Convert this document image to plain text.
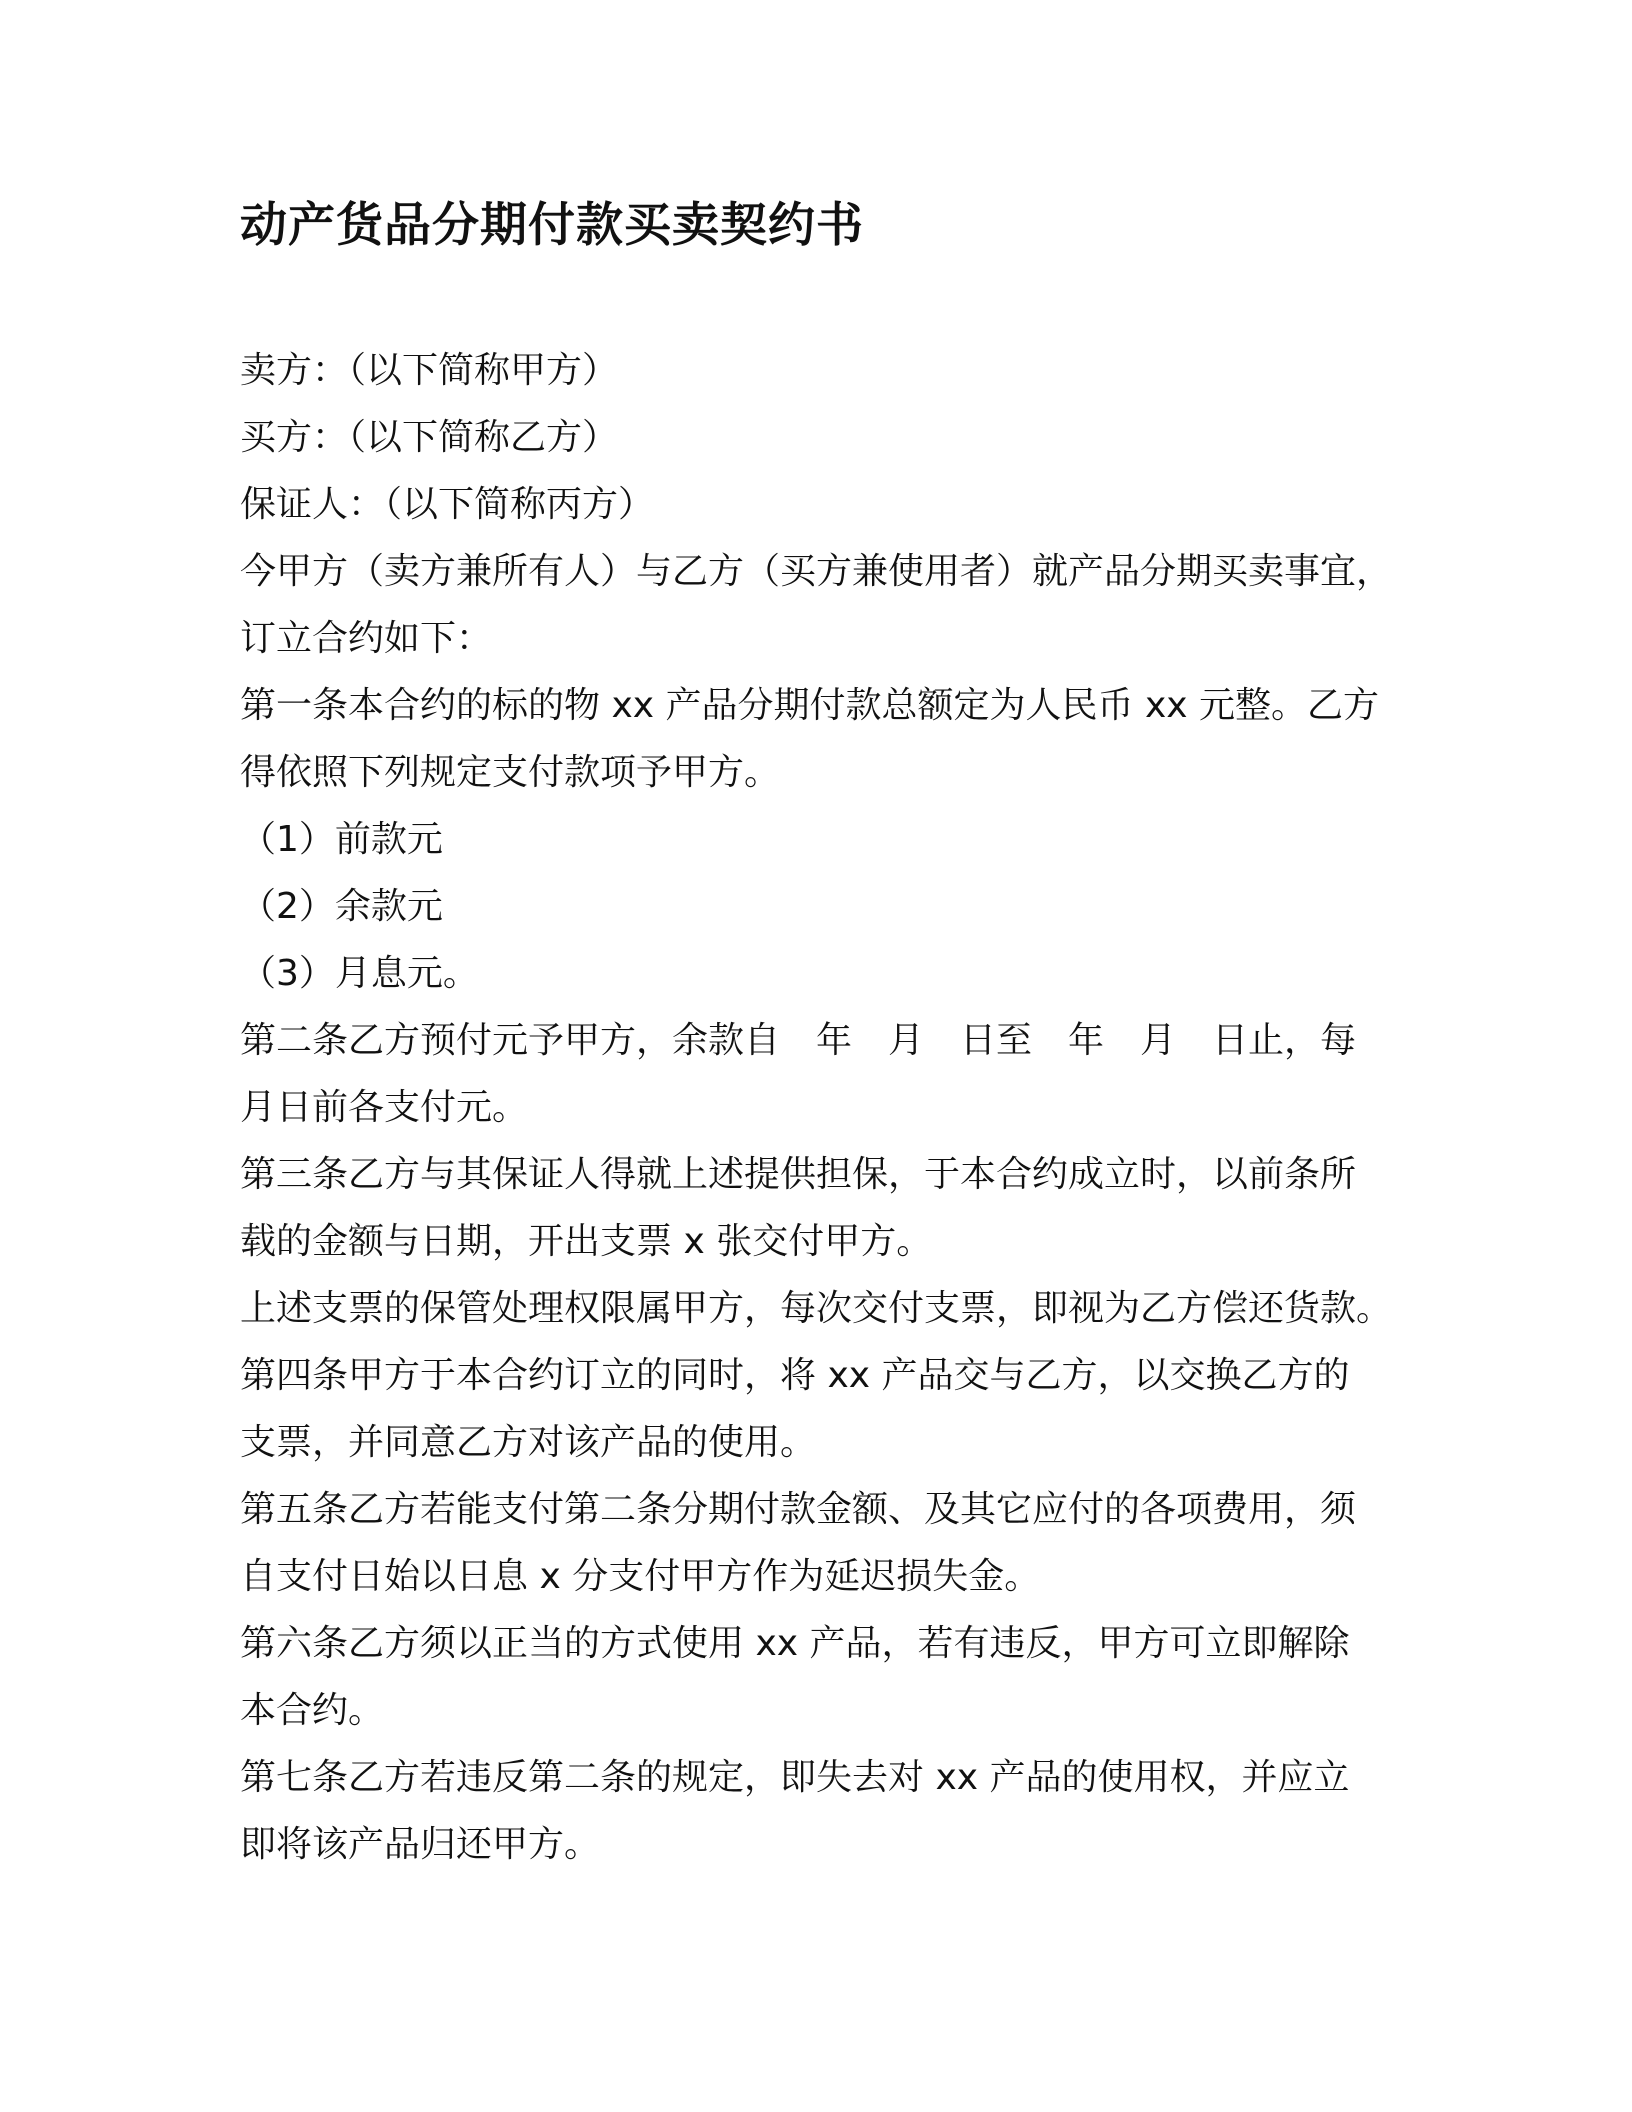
动产货品分期付款买卖契约书
卖方：（以下简称甲方）
买方：（以下简称乙方）
保证人：（以下简称丙方）
今甲方（卖方兼所有人）与乙方（买方兼使用者）就产品分期买卖事宜，
订立合约如下：
第一条本合约的标的物 xx 产品分期付款总额定为人民币 xx 元整。乙方
得依照下列规定支付款项予甲方。
（1）前款元
（2）余款元
（3）月息元。
第二条乙方预付元予甲方，余款自　年　月　日至　年　月　日止，每
月日前各支付元。
第三条乙方与其保证人得就上述提供担保，于本合约成立时，以前条所
载的金额与日期，开出支票 x 张交付甲方。
上述支票的保管处理权限属甲方，每次交付支票，即视为乙方偿还货款。
第四条甲方于本合约订立的同时，将 xx 产品交与乙方，以交换乙方的
支票，并同意乙方对该产品的使用。
第五条乙方若能支付第二条分期付款金额、及其它应付的各项费用，须
自支付日始以日息 x 分支付甲方作为延迟损失金。
第六条乙方须以正当的方式使用 xx 产品，若有违反，甲方可立即解除
本合约。
第七条乙方若违反第二条的规定，即失去对 xx 产品的使用权，并应立
即将该产品归还甲方。
